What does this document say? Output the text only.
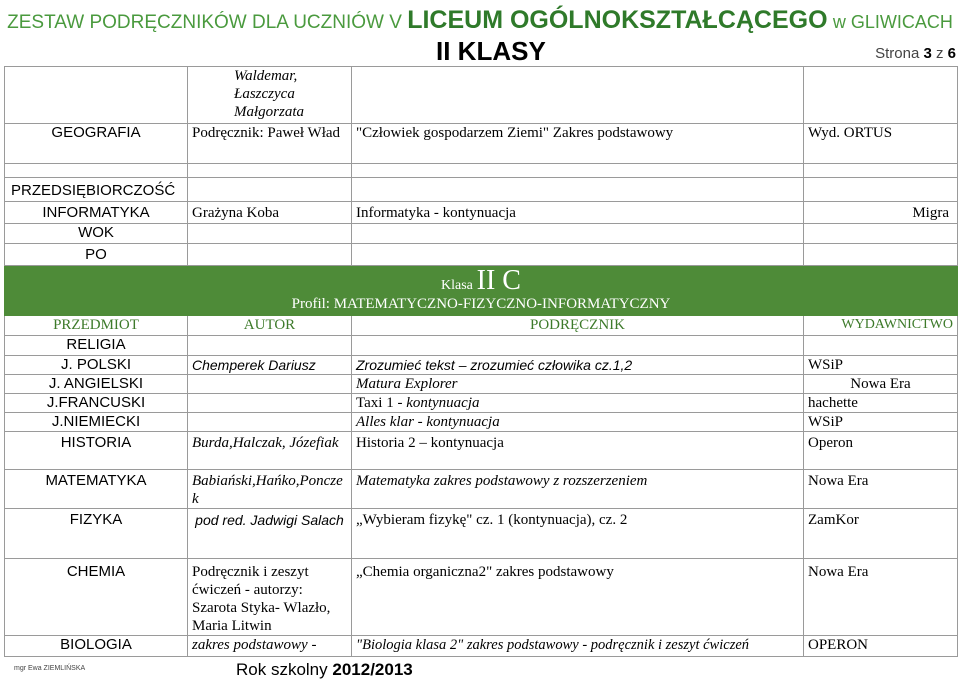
ZESTAW PODRĘCZNIKÓW DLA UCZNIÓW V LICEUM OGÓLNOKSZTAŁCĄCEGO w GLIWICACH
II KLASY	Strona 3 z 6
	Waldemar, Łaszczyca Małgorzata		
GEOGRAFIA	Podręcznik: Paweł Wład	"Człowiek gospodarzem Ziemi" Zakres podstawowy	Wyd. ORTUS

PRZEDSIĘBIORCZOŚĆ			
INFORMATYKA	Grażyna Koba	Informatyka - kontynuacja	Migra
WOK			
PO			
Klasa II C
Profil: MATEMATYCZNO-FIZYCZNO-INFORMATYCZNY			
PRZEDMIOT	AUTOR	PODRĘCZNIK	WYDAWNICTWO
RELIGIA			
J. POLSKI	Chemperek Dariusz	Zrozumieć tekst – zrozumieć człowika cz.1,2	WSiP
J. ANGIELSKI		Matura Explorer	Nowa Era
J.FRANCUSKI		Taxi 1 - kontynuacja	hachette
J.NIEMIECKI		Alles klar - kontynuacja	WSiP
HISTORIA	Burda,Halczak, Józefiak	Historia 2 – kontynuacja	Operon
MATEMATYKA	Babiański,Hańko,Ponczek	Matematyka zakres podstawowy z rozszerzeniem	Nowa Era
FIZYKA	pod red. Jadwigi Salach	„Wybieram fizykę" cz. 1 (kontynuacja), cz. 2	ZamKor
CHEMIA	Podręcznik i zeszyt ćwiczeń - autorzy: Szarota Styka- Wlazło, Maria Litwin	„Chemia organiczna2" zakres podstawowy	Nowa Era
BIOLOGIA	zakres podstawowy -	"Biologia klasa 2" zakres podstawowy - podręcznik i zeszyt ćwiczeń	OPERON
mgr Ewa ZIEMLIŃSKA	Rok szkolny 2012/2013
